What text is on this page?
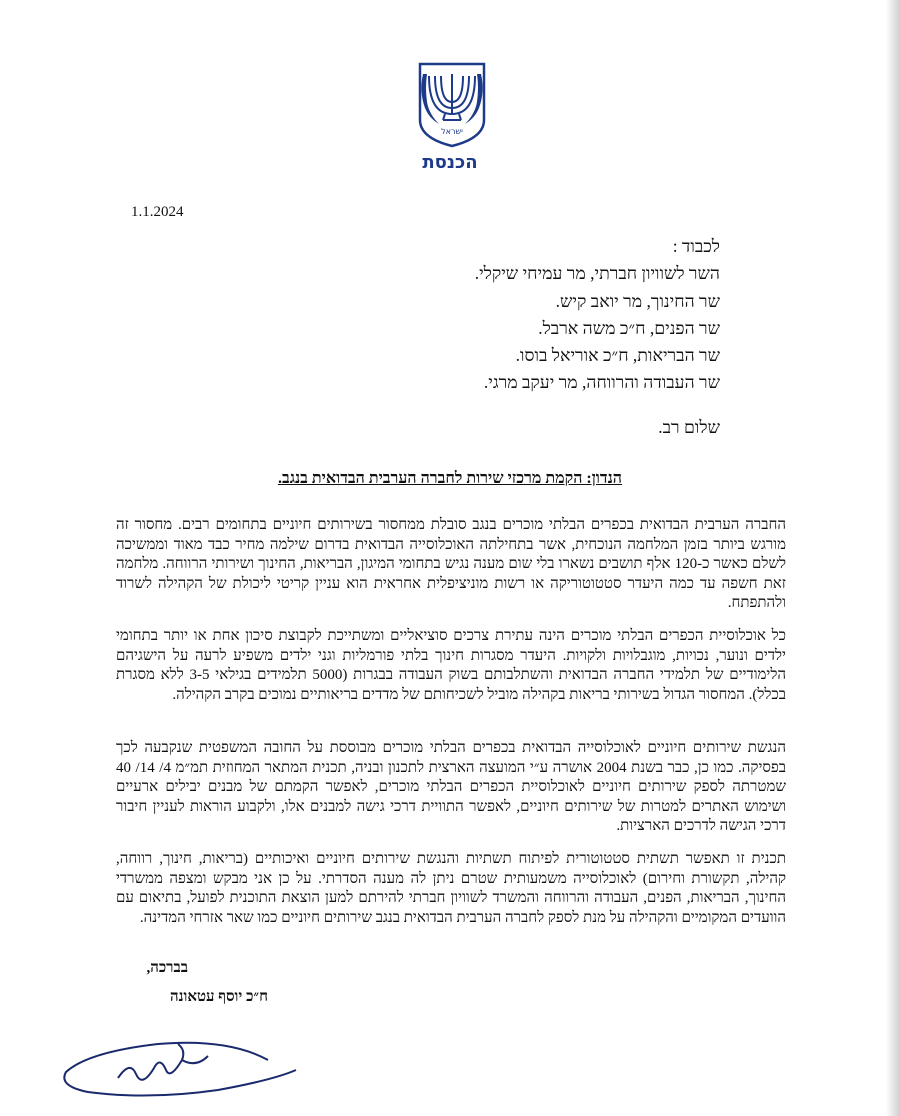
ישראל
הכנסת
1.1.2024
לכבוד :
השר לשוויון חברתי, מר עמיחי שיקלי.
שר החינוך, מר יואב קיש.
שר הפנים, ח״כ משה ארבל.
שר הבריאות, ח״כ אוריאל בוסו.
שר העבודה והרווחה, מר יעקב מרגי.
שלום רב.
הנדון: הקמת מרכזי שירות לחברה הערבית הבדואית בנגב.
החברה הערבית הבדואית בכפרים הבלתי מוכרים בנגב סובלת ממחסור בשירותים חיוניים בתחומים רבים. מחסור זה מורגש ביותר בזמן המלחמה הנוכחית, אשר בתחילתה האוכלוסייה הבדואית בדרום שילמה מחיר כבד מאוד וממשיכה לשלם כאשר כ-120 אלף תושבים נשארו בלי שום מענה נגיש בתחומי המיגון, הבריאות, החינוך ושירותי הרווחה. מלחמה זאת חשפה עד כמה היעדר סטטוטוריקה או רשות מוניציפלית אחראית הוא עניין קריטי ליכולת של הקהילה לשרוד ולהתפתח.
כל אוכלוסיית הכפרים הבלתי מוכרים הינה עתירת צרכים סוציאליים ומשתייכת לקבוצת סיכון אחת או יותר בתחומי ילדים ונוער, נכויות, מוגבלויות ולקויות. היעדר מסגרות חינוך בלתי פורמליות וגני ילדים משפיע לרעה על הישגיהם הלימודיים של תלמידי החברה הבדואית והשתלבותם בשוק העבודה בבגרות (5000 תלמידים בגילאי 3-5 ללא מסגרת בכלל). המחסור הגדול בשירותי בריאות בקהילה מוביל לשכיחותם של מדדים בריאותיים נמוכים בקרב הקהילה.
הנגשת שירותים חיוניים לאוכלוסייה הבדואית בכפרים הבלתי מוכרים מבוססת על החובה המשפטית שנקבעה לכך בפסיקה. כמו כן, כבר בשנת 2004 אושרה ע״י המועצה הארצית לתכנון ובניה, תכנית המתאר המחוזית תמ״מ 4/ 14/ 40 שמטרתה לספק שירותים חיוניים לאוכלוסיית הכפרים הבלתי מוכרים, לאפשר הקמתם של מבנים יבילים ארעיים ושימוש האתרים למטרות של שירותים חיוניים, לאפשר התוויית דרכי גישה למבנים אלו, ולקבוע הוראות לעניין חיבור דרכי הגישה לדרכים הארציות.
תכנית זו תאפשר תשתית סטטוטורית לפיתוח תשתיות והנגשת שירותים חיוניים ואיכותיים (בריאות, חינוך, רווחה, קהילה, תקשורת וחירום) לאוכלוסייה משמעותית שטרם ניתן לה מענה הסדרתי. על כן אני מבקש ומצפה ממשרדי החינוך, הבריאות, הפנים, העבודה והרווחה והמשרד לשוויון חברתי להירתם למען הוצאת התוכנית לפועל, בתיאום עם הוועדים המקומיים והקהילה על מנת לספק לחברה הערבית הבדואית בנגב שירותים חיוניים כמו שאר אזרחי המדינה.
בברכה,
ח״כ יוסף עטאונה
